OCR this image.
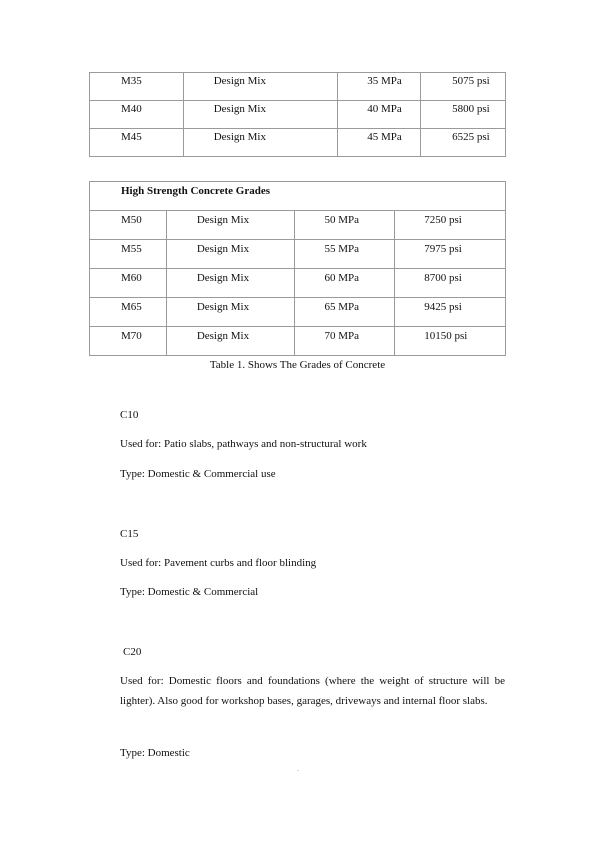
M35	Design Mix	35 MPa	5075 psi
M40	Design Mix	40 MPa	5800 psi
M45	Design Mix	45 MPa	6525 psi
High Strength Concrete Grades			
M50	Design Mix	50 MPa	7250 psi
M55	Design Mix	55 MPa	7975 psi
M60	Design Mix	60 MPa	8700 psi
M65	Design Mix	65 MPa	9425 psi
M70	Design Mix	70 MPa	10150 psi
Table 1. Shows The Grades of Concrete
C10
Used for: Patio slabs, pathways and non-structural work
Type: Domestic & Commercial use
C15
Used for: Pavement curbs and floor blinding
Type: Domestic & Commercial
C20
Used for: Domestic floors and foundations (where the weight of structure will be lighter). Also good for workshop bases, garages, driveways and internal floor slabs.
Type: Domestic
-
